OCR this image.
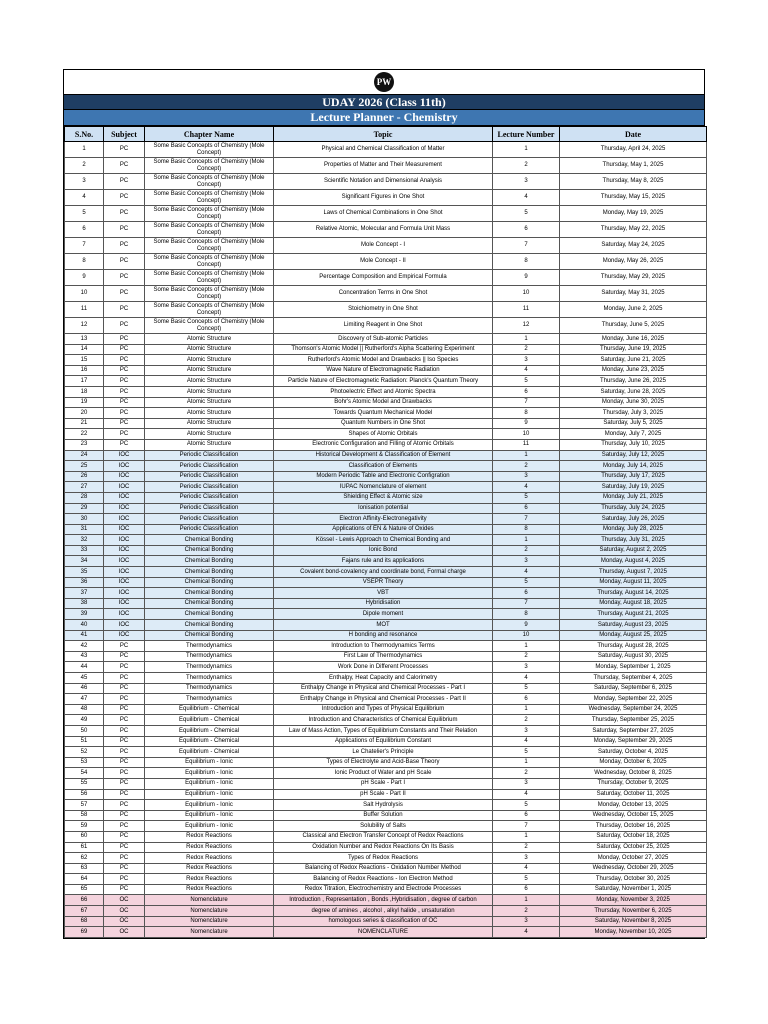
PW
UDAY 2026 (Class 11th)
Lecture Planner - Chemistry
S.No.	Subject	Chapter Name	Topic	Lecture Number	Date
1	PC	Some Basic Concepts of Chemistry (Mole Concept)	Physical and Chemical Classification of Matter	1	Thursday, April 24, 2025
2	PC	Some Basic Concepts of Chemistry (Mole Concept)	Properties of Matter and Their Measurement	2	Thursday, May 1, 2025
3	PC	Some Basic Concepts of Chemistry (Mole Concept)	Scientific Notation and Dimensional Analysis	3	Thursday, May 8, 2025
4	PC	Some Basic Concepts of Chemistry (Mole Concept)	Significant Figures in One Shot	4	Thursday, May 15, 2025
5	PC	Some Basic Concepts of Chemistry (Mole Concept)	Laws of Chemical Combinations in One Shot	5	Monday, May 19, 2025
6	PC	Some Basic Concepts of Chemistry (Mole Concept)	Relative Atomic, Molecular and Formula Unit Mass	6	Thursday, May 22, 2025
7	PC	Some Basic Concepts of Chemistry (Mole Concept)	Mole Concept - I	7	Saturday, May 24, 2025
8	PC	Some Basic Concepts of Chemistry (Mole Concept)	Mole Concept - II	8	Monday, May 26, 2025
9	PC	Some Basic Concepts of Chemistry (Mole Concept)	Percentage Composition and Empirical Formula	9	Thursday, May 29, 2025
10	PC	Some Basic Concepts of Chemistry (Mole Concept)	Concentration Terms in One Shot	10	Saturday, May 31, 2025
11	PC	Some Basic Concepts of Chemistry (Mole Concept)	Stoichiometry in One Shot	11	Monday, June 2, 2025
12	PC	Some Basic Concepts of Chemistry (Mole Concept)	Limiting Reagent in One Shot	12	Thursday, June 5, 2025
13	PC	Atomic Structure	Discovery of Sub-atomic Particles	1	Monday, June 16, 2025
14	PC	Atomic Structure	Thomson's Atomic Model || Rutherford's Alpha Scattering Experiment	2	Thursday, June 19, 2025
15	PC	Atomic Structure	Rutherford's Atomic Model and Drawbacks || Iso Species	3	Saturday, June 21, 2025
16	PC	Atomic Structure	Wave Nature of Electromagnetic Radiation	4	Monday, June 23, 2025
17	PC	Atomic Structure	Particle Nature of Electromagnetic Radiation: Planck's Quantum Theory	5	Thursday, June 26, 2025
18	PC	Atomic Structure	Photoelectric Effect and Atomic Spectra	6	Saturday, June 28, 2025
19	PC	Atomic Structure	Bohr's Atomic Model and Drawbacks	7	Monday, June 30, 2025
20	PC	Atomic Structure	Towards Quantum Mechanical Model	8	Thursday, July 3, 2025
21	PC	Atomic Structure	Quantum Numbers in One Shot	9	Saturday, July 5, 2025
22	PC	Atomic Structure	Shapes of Atomic Orbitals	10	Monday, July 7, 2025
23	PC	Atomic Structure	Electronic Configuration and Filling of Atomic Orbitals	11	Thursday, July 10, 2025
24	IOC	Periodic Classification	Historical Development & Classification of Element	1	Saturday, July 12, 2025
25	IOC	Periodic Classification	Classification of Elements	2	Monday, July 14, 2025
26	IOC	Periodic Classification	Modern Periodic Table and Electronic Configration	3	Thursday, July 17, 2025
27	IOC	Periodic Classification	IUPAC Nomenclature of element	4	Saturday, July 19, 2025
28	IOC	Periodic Classification	Shielding Effect & Atomic size	5	Monday, July 21, 2025
29	IOC	Periodic Classification	Ionisation potential	6	Thursday, July 24, 2025
30	IOC	Periodic Classification	Electron Affinity-Electronegativity	7	Saturday, July 26, 2025
31	IOC	Periodic Classification	Applications of EN & Nature of Oxides	8	Monday, July 28, 2025
32	IOC	Chemical Bonding	Kössel - Lewis Approach to Chemical Bonding and	1	Thursday, July 31, 2025
33	IOC	Chemical Bonding	Ionic Bond	2	Saturday, August 2, 2025
34	IOC	Chemical Bonding	Fajans rule and its applications	3	Monday, August 4, 2025
35	IOC	Chemical Bonding	Covalent bond-covalency and coordinate bond, Formal charge	4	Thursday, August 7, 2025
36	IOC	Chemical Bonding	VSEPR Theory	5	Monday, August 11, 2025
37	IOC	Chemical Bonding	VBT	6	Thursday, August 14, 2025
38	IOC	Chemical Bonding	Hybridisation	7	Monday, August 18, 2025
39	IOC	Chemical Bonding	Dipole moment	8	Thursday, August 21, 2025
40	IOC	Chemical Bonding	MOT	9	Saturday, August 23, 2025
41	IOC	Chemical Bonding	H bonding and resonance	10	Monday, August 25, 2025
42	PC	Thermodynamics	Introduction to Thermodynamics Terms	1	Thursday, August 28, 2025
43	PC	Thermodynamics	First Law of Thermodynamics	2	Saturday, August 30, 2025
44	PC	Thermodynamics	Work Done in Different Processes	3	Monday, September 1, 2025
45	PC	Thermodynamics	Enthalpy, Heat Capacity and Calorimetry	4	Thursday, September 4, 2025
46	PC	Thermodynamics	Enthalpy Change in Physical and Chemical Processes - Part I	5	Saturday, September 6, 2025
47	PC	Thermodynamics	Enthalpy Change in Physical and Chemical Processes - Part II	6	Monday, September 22, 2025
48	PC	Equilibrium - Chemical	Introduction and Types of Physical Equilibrium	1	Wednesday, September 24, 2025
49	PC	Equilibrium - Chemical	Introduction and Characteristics of Chemical Equilibrium	2	Thursday, September 25, 2025
50	PC	Equilibrium - Chemical	Law of Mass Action, Types of Equilibrium Constants and Their Relation	3	Saturday, September 27, 2025
51	PC	Equilibrium - Chemical	Applications of Equilibrium Constant	4	Monday, September 29, 2025
52	PC	Equilibrium - Chemical	Le Chatelier's Principle	5	Saturday, October 4, 2025
53	PC	Equilibrium - Ionic	Types of Electrolyte and Acid-Base Theory	1	Monday, October 6, 2025
54	PC	Equilibrium - Ionic	Ionic Product of Water and pH Scale	2	Wednesday, October 8, 2025
55	PC	Equilibrium - Ionic	pH Scale - Part I	3	Thursday, October 9, 2025
56	PC	Equilibrium - Ionic	pH Scale - Part II	4	Saturday, October 11, 2025
57	PC	Equilibrium - Ionic	Salt Hydrolysis	5	Monday, October 13, 2025
58	PC	Equilibrium - Ionic	Buffer Solution	6	Wednesday, October 15, 2025
59	PC	Equilibrium - Ionic	Solubility of Salts	7	Thursday, October 16, 2025
60	PC	Redox Reactions	Classical and Electron Transfer Concept of Redox Reactions	1	Saturday, October 18, 2025
61	PC	Redox Reactions	Oxidation Number and Redox Reactions On Its Basis	2	Saturday, October 25, 2025
62	PC	Redox Reactions	Types of Redox Reactions	3	Monday, October 27, 2025
63	PC	Redox Reactions	Balancing of Redox Reactions - Oxidation Number Method	4	Wednesday, October 29, 2025
64	PC	Redox Reactions	Balancing of Redox Reactions - Ion Electron Method	5	Thursday, October 30, 2025
65	PC	Redox Reactions	Redox Titration, Electrochemistry and Electrode Processes	6	Saturday, November 1, 2025
66	OC	Nomenclature	Introduction , Representation , Bonds ,Hybridisation , degree of carbon	1	Monday, November 3, 2025
67	OC	Nomenclature	degree of amines , alcohol , alkyl halide , unsaturation	2	Thursday, November 6, 2025
68	OC	Nomenclature	homologous series & classification of OC	3	Saturday, November 8, 2025
69	OC	Nomenclature	NOMENCLATURE	4	Monday, November 10, 2025
